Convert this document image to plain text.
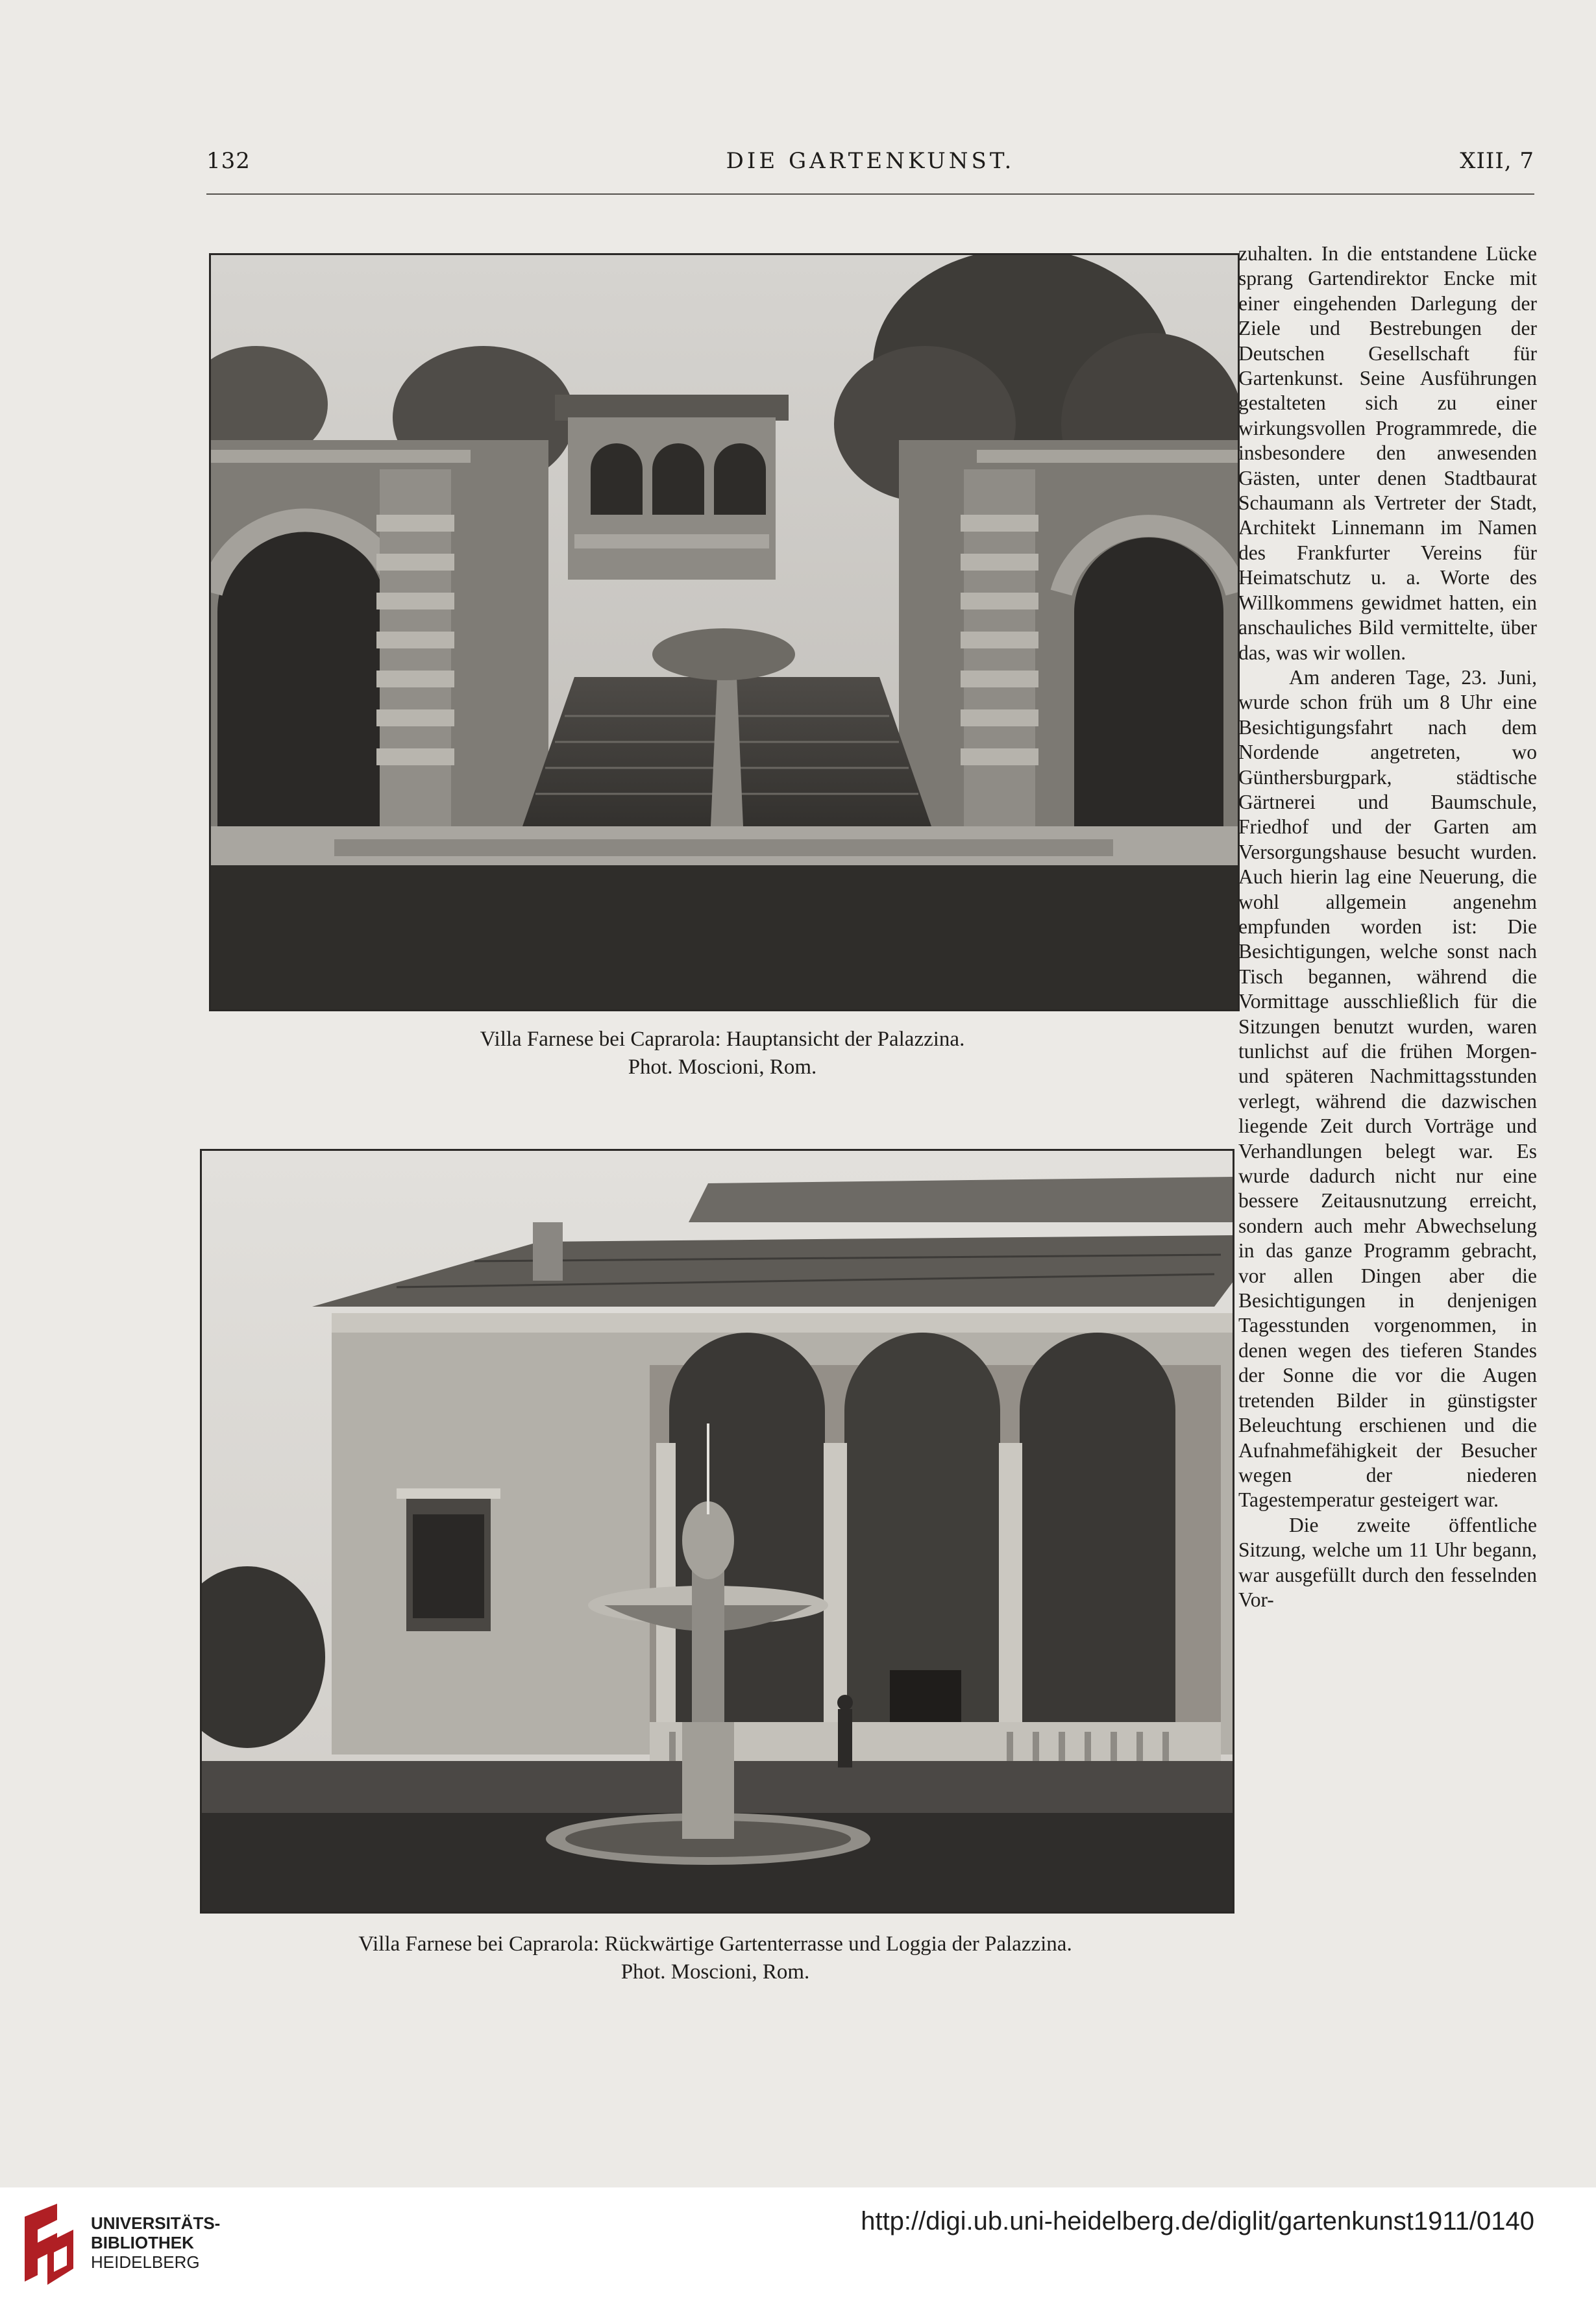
132	DIE GARTENKUNST.	XIII, 7
Villa Farnese bei Caprarola: Hauptansicht der Palazzina.
Phot. Moscioni, Rom.
Villa Farnese bei Caprarola: Rückwärtige Gartenterrasse und Loggia der Palazzina.
Phot. Moscioni, Rom.

zuhalten. In die entstandene Lücke sprang Gartendirektor Encke mit einer eingehenden Darlegung der Ziele und Bestrebungen der Deutschen Gesellschaft für Gartenkunst. Seine Ausführungen gestalteten sich zu einer wirkungsvollen Programmrede, die insbesondere den anwesenden Gästen, unter denen Stadtbaurat Schaumann als Vertreter der Stadt, Architekt Linnemann im Namen des Frankfurter Vereins für Heimatschutz u. a. Worte des Willkommens gewidmet hatten, ein anschauliches Bild vermittelte, über das, was wir wollen.

Am anderen Tage, 23. Juni, wurde schon früh um 8 Uhr eine Besichtigungsfahrt nach dem Nordende angetreten, wo Günthersburgpark, städtische Gärtnerei und Baumschule, Friedhof und der Garten am Versorgungshause besucht wurden. Auch hierin lag eine Neuerung, die wohl allgemein angenehm empfunden worden ist: Die Besichtigungen, welche sonst nach Tisch begannen, während die Vormittage ausschließlich für die Sitzungen benutzt wurden, waren tunlichst auf die frühen Morgen- und späteren Nachmittagsstunden verlegt, während die dazwischen liegende Zeit durch Vorträge und Verhandlungen belegt war. Es wurde dadurch nicht nur eine bessere Zeitausnutzung erreicht, sondern auch mehr Abwechselung in das ganze Programm gebracht, vor allen Dingen aber die Besichtigungen in denjenigen Tagesstunden vorgenommen, in denen wegen des tieferen Standes der Sonne die vor die Augen tretenden Bilder in günstigster Beleuchtung erschienen und die Aufnahmefähigkeit der Besucher wegen der niederen Tagestemperatur gesteigert war.

Die zweite öffentliche Sitzung, welche um 11 Uhr begann, war ausgefüllt durch den fesselnden Vor-

UNIVERSITÄTS-
BIBLIOTHEK
HEIDELBERG
http://digi.ub.uni-heidelberg.de/diglit/gartenkunst1911/0140
